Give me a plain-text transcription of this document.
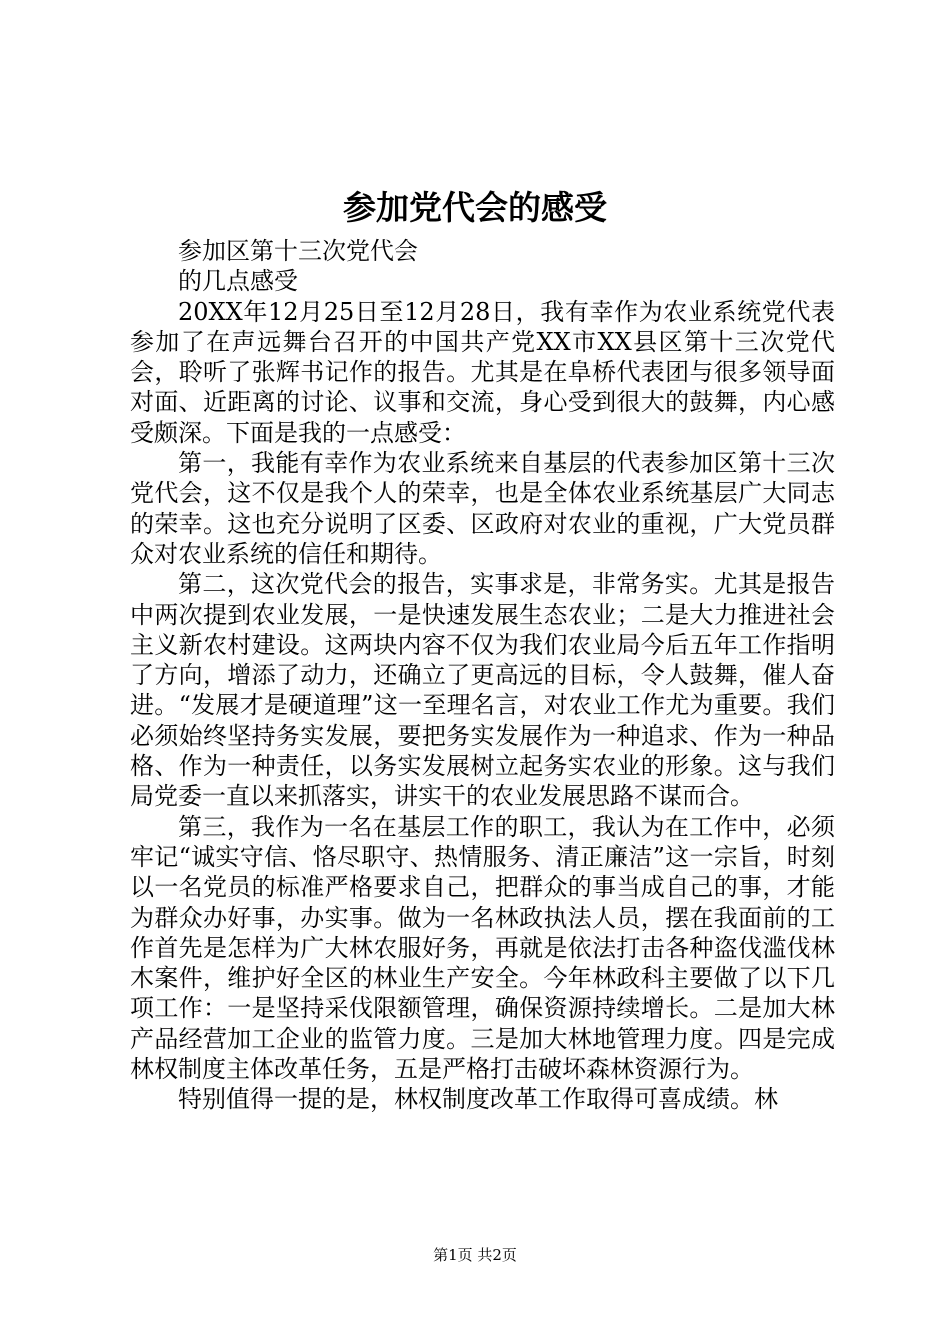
参加党代会的感受

参加区第十三次党代会

的几点感受

20XX年12月25日至12月28日，我有幸作为农业系统党代表参加了在声远舞台召开的中国共产党XX市XX县区第十三次党代会，聆听了张辉书记作的报告。尤其是在阜桥代表团与很多领导面对面、近距离的讨论、议事和交流，身心受到很大的鼓舞，内心感受颇深。下面是我的一点感受：

第一，我能有幸作为农业系统来自基层的代表参加区第十三次党代会，这不仅是我个人的荣幸，也是全体农业系统基层广大同志的荣幸。这也充分说明了区委、区政府对农业的重视，广大党员群众对农业系统的信任和期待。

第二，这次党代会的报告，实事求是，非常务实。尤其是报告中两次提到农业发展，一是快速发展生态农业；二是大力推进社会主义新农村建设。这两块内容不仅为我们农业局今后五年工作指明了方向，增添了动力，还确立了更高远的目标，令人鼓舞，催人奋进。“发展才是硬道理”这一至理名言，对农业工作尤为重要。我们必须始终坚持务实发展，要把务实发展作为一种追求、作为一种品格、作为一种责任，以务实发展树立起务实农业的形象。这与我们局党委一直以来抓落实，讲实干的农业发展思路不谋而合。

第三，我作为一名在基层工作的职工，我认为在工作中，必须牢记“诚实守信、恪尽职守、热情服务、清正廉洁”这一宗旨，时刻以一名党员的标准严格要求自己，把群众的事当成自己的事，才能为群众办好事，办实事。做为一名林政执法人员，摆在我面前的工作首先是怎样为广大林农服好务，再就是依法打击各种盗伐滥伐林木案件，维护好全区的林业生产安全。今年林政科主要做了以下几项工作：一是坚持采伐限额管理，确保资源持续增长。二是加大林产品经营加工企业的监管力度。三是加大林地管理力度。四是完成林权制度主体改革任务，五是严格打击破坏森林资源行为。

特别值得一提的是，林权制度改革工作取得可喜成绩。林

第1页 共2页
